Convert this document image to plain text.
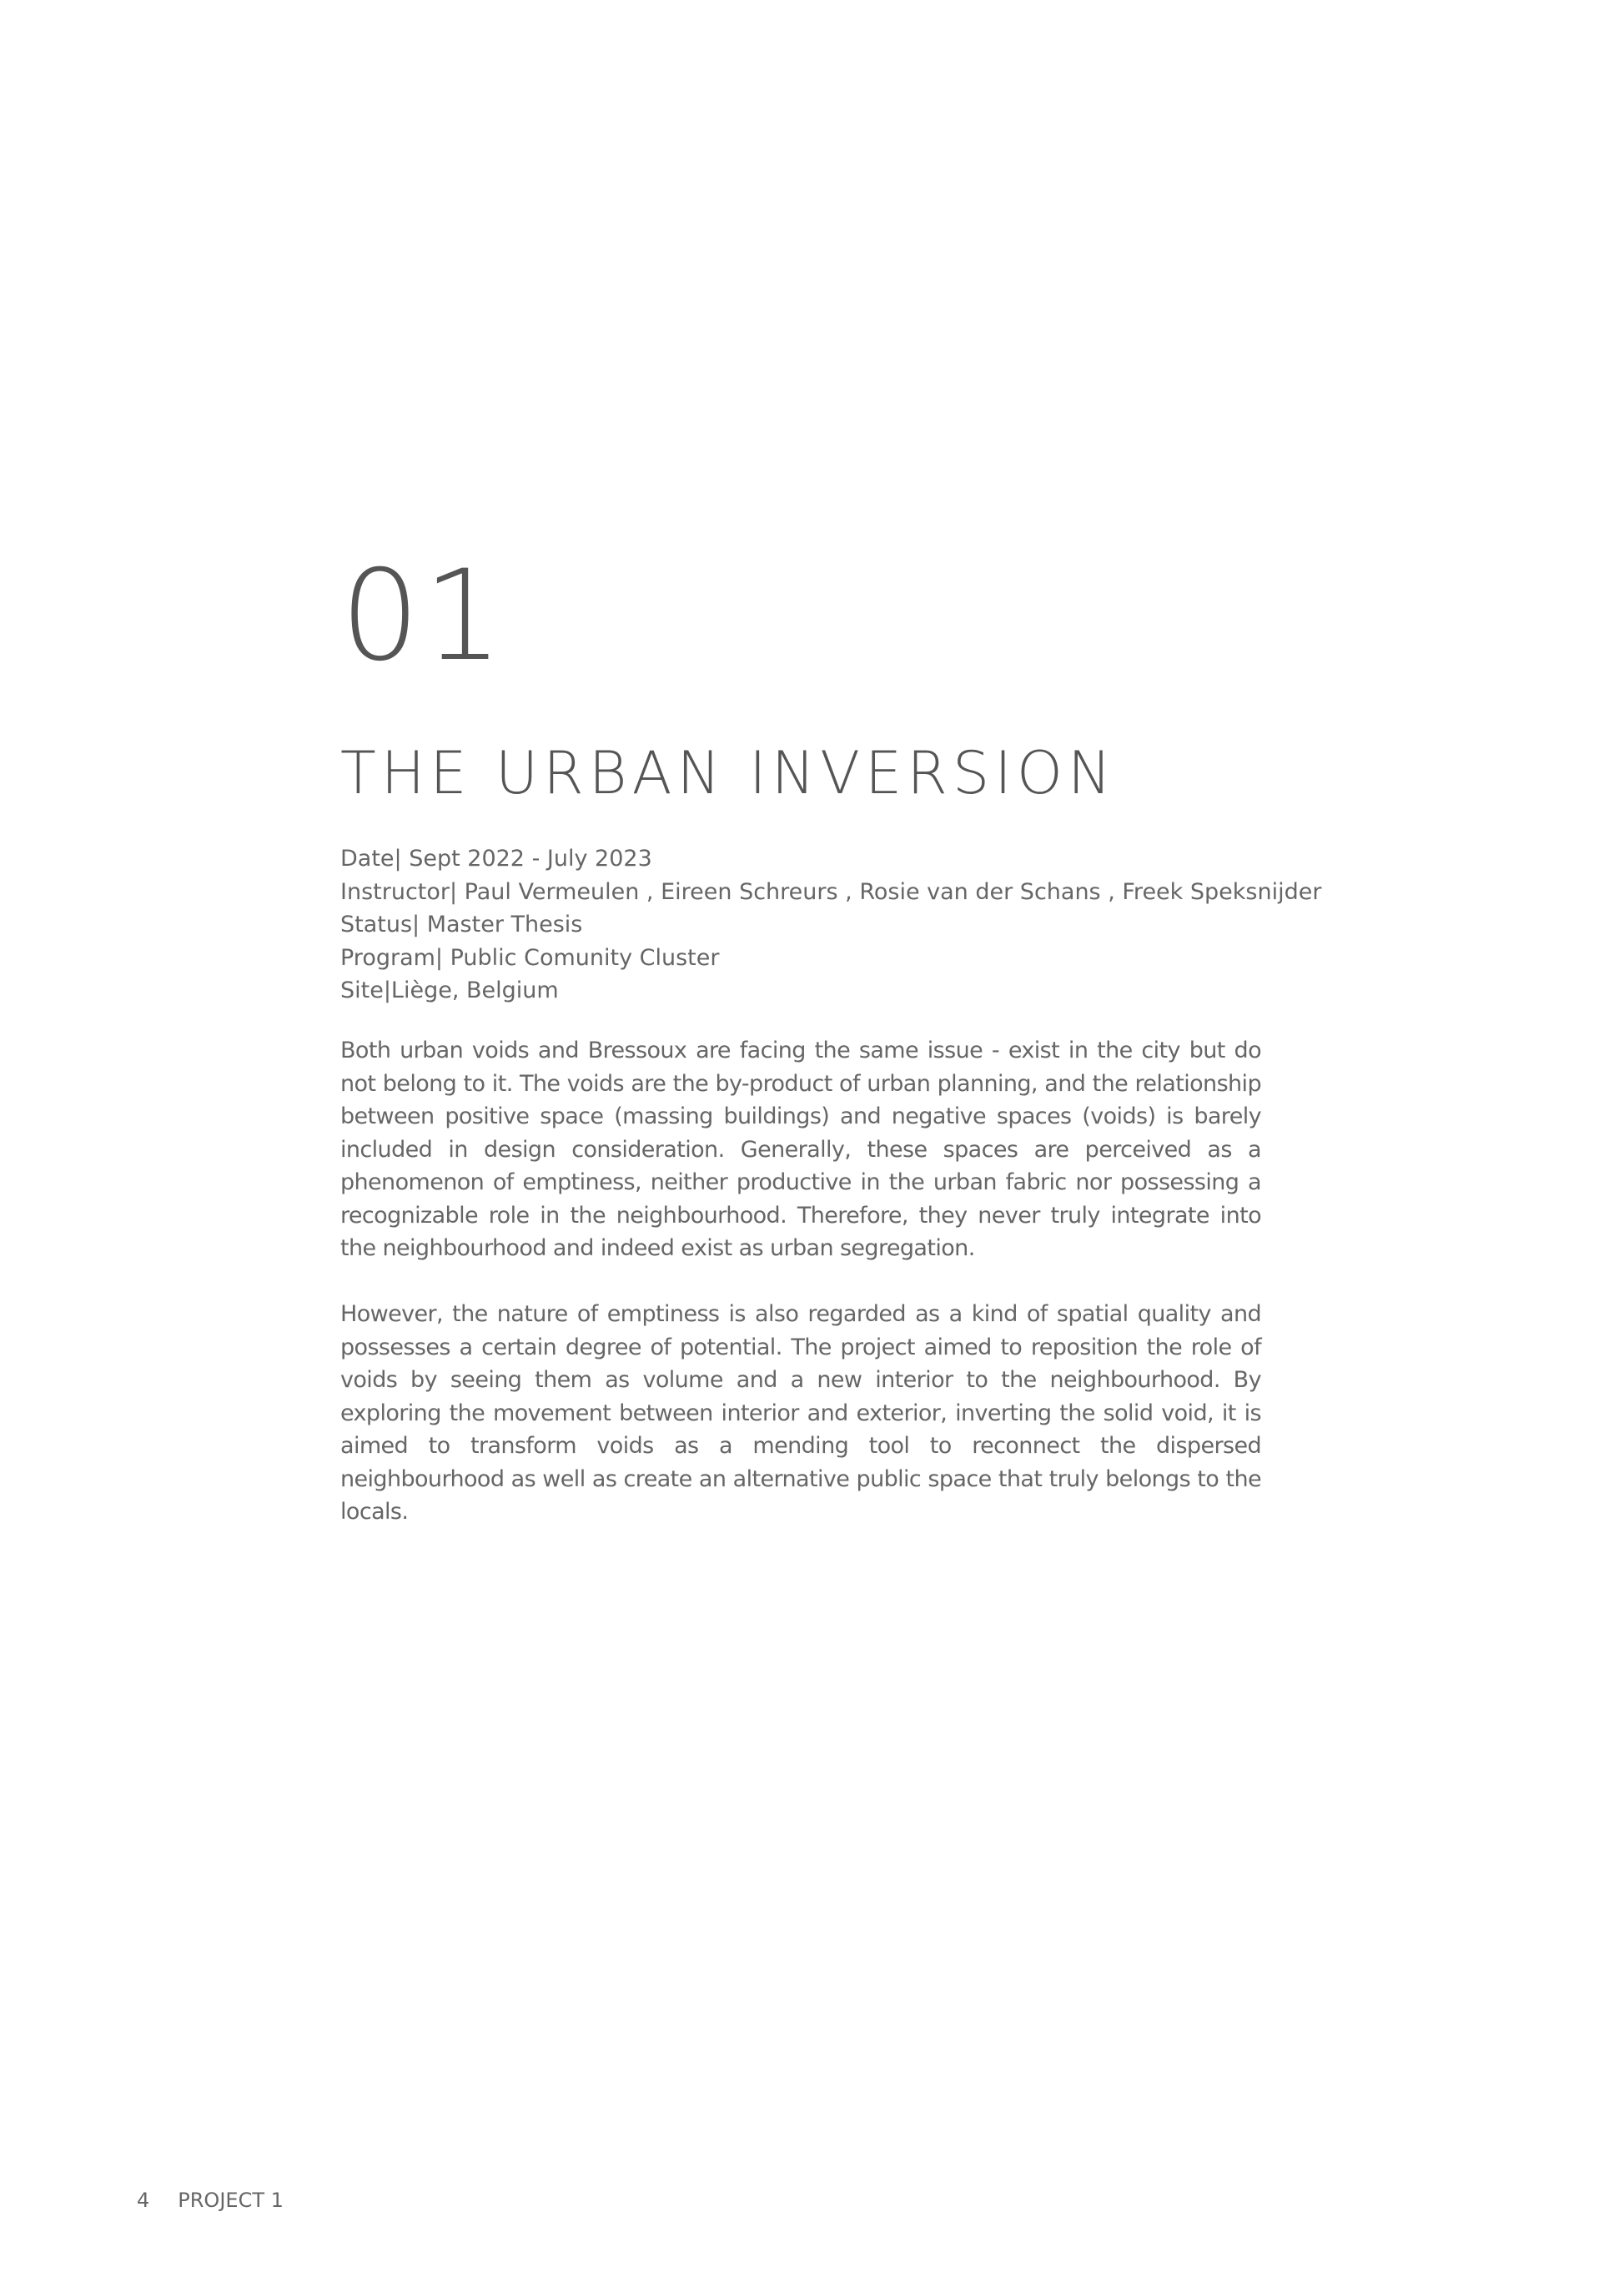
01
THE URBAN INVERSION
Date| Sept 2022 - July 2023
Instructor| Paul Vermeulen , Eireen Schreurs , Rosie van der Schans , Freek Speksnijder
Status| Master Thesis
Program| Public Comunity Cluster
Site|Liège, Belgium

Both urban voids and Bressoux are facing the same issue - exist in the city but do not belong to it. The voids are the by-product of urban planning, and the relationship between positive space (massing buildings) and negative spaces (voids) is barely included in design consideration. Generally, these spaces are perceived as a phenomenon of emptiness, neither productive in the urban fabric nor possessing a recognizable role in the neighbourhood. Therefore, they never truly integrate into the neighbourhood and indeed exist as urban segregation.

However, the nature of emptiness is also regarded as a kind of spatial quality and possesses a certain degree of potential. The project aimed to reposition the role of voids by seeing them as volume and a new interior to the neighbourhood. By exploring the movement between interior and exterior, inverting the solid void, it is aimed to transform voids as a mending tool to reconnect the dispersed neighbourhood as well as create an alternative public space that truly belongs to the locals.

4 PROJECT 1
